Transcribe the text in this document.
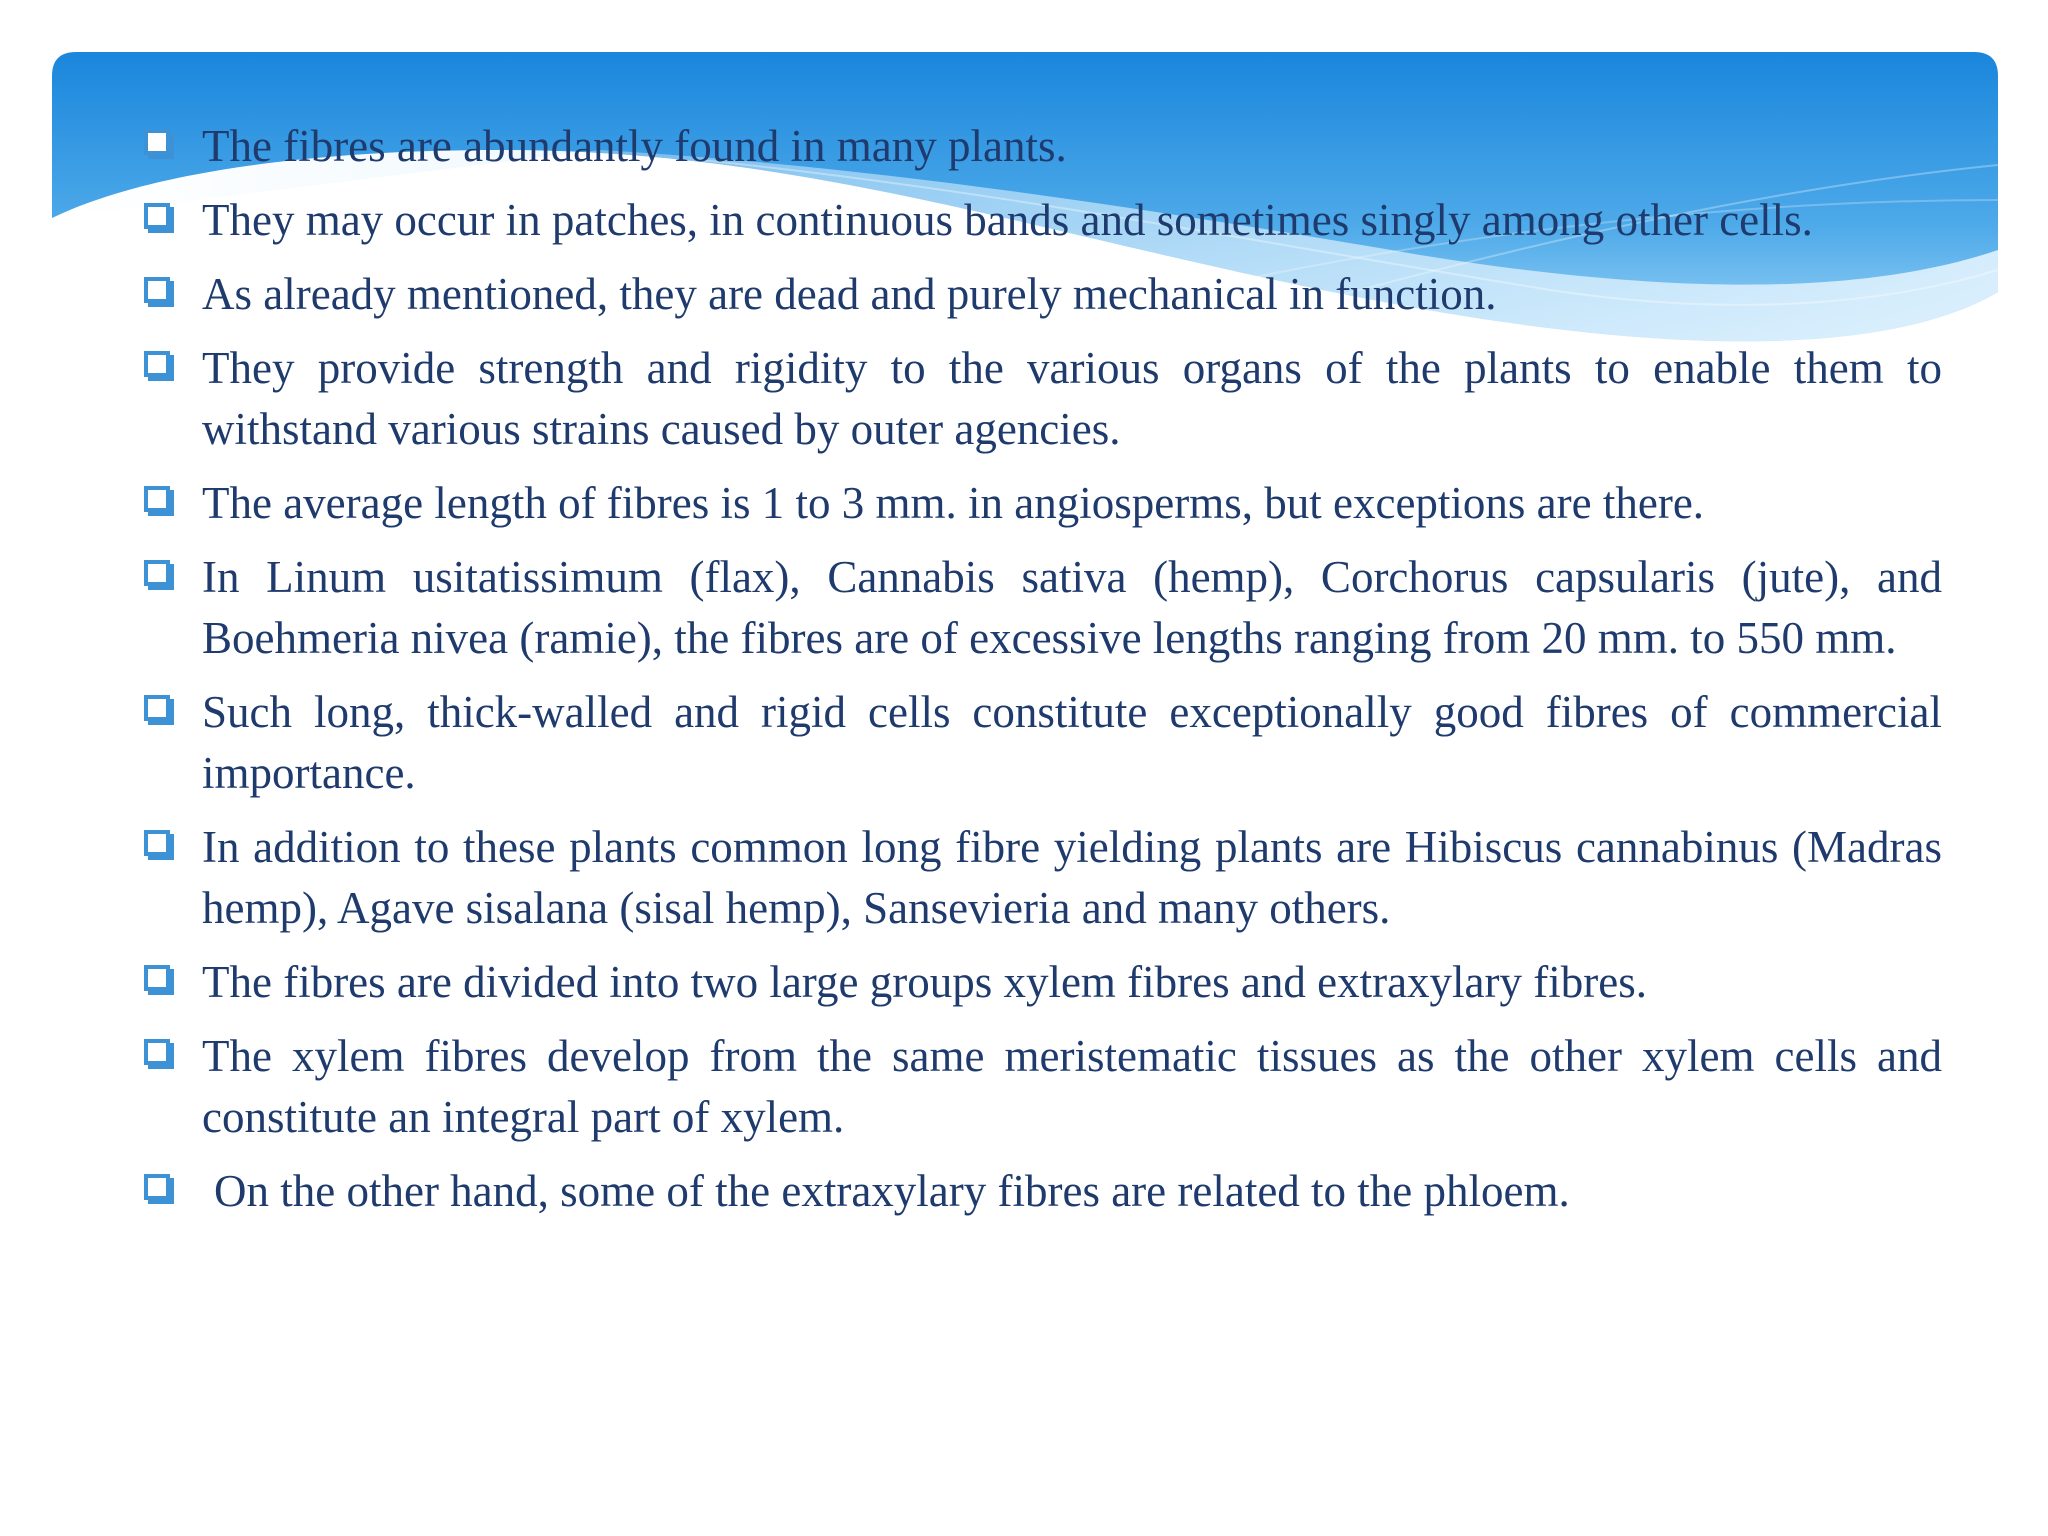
The fibres are abundantly found in many plants.
They may occur in patches, in continuous bands and sometimes singly among other cells.
As already mentioned, they are dead and purely mechanical in function.
They provide strength and rigidity to the various organs of the plants to enable them to withstand various strains caused by outer agencies.
The average length of fibres is 1 to 3 mm. in angiosperms, but exceptions are there.
In Linum usitatissimum (flax), Cannabis sativa (hemp), Corchorus capsularis (jute), and Boehmeria nivea (ramie), the fibres are of excessive lengths ranging from 20 mm. to 550 mm.
Such long, thick-walled and rigid cells constitute exceptionally good fibres of commercial importance.
In addition to these plants common long fibre yielding plants are Hibiscus cannabinus (Madras hemp), Agave sisalana (sisal hemp), Sansevieria and many others.
The fibres are divided into two large groups xylem fibres and extraxylary fibres.
The xylem fibres develop from the same meristematic tissues as the other xylem cells and constitute an integral part of xylem.
On the other hand, some of the extraxylary fibres are related to the phloem.
